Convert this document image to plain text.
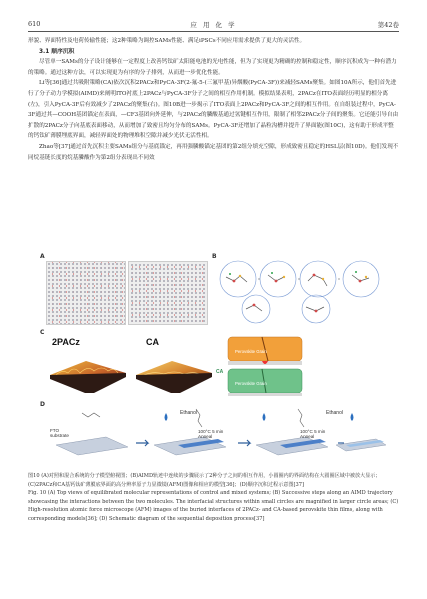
610	应 用 化 学	第42卷

形貌、界面特性及电荷传输性能；这2种策略为调控SAMs性能、满足iPSCs不同应用需求提供了更大的灵活性。

3.1 顺序沉积

尽管单一SAMs的分子设计能够在一定程度上改善钙钛矿太阳能电池的光电性能，但为了实现更为精确的控制和稳定性，顺序沉积成为一种有潜力的策略。通过这种方法，可以实现更为有序的分子排列，从而进一步优化性能。

Li等[36]通过共吸附策略(CA)依次沉积2PACz和PyCA-3F(2-氟-5-(三氟甲基)异烟酸(PyCA-3F))来减轻SAMs聚集。如图10A所示，他们首先进行了分子动力学模拟(AIMD)来阐明ITO衬底上2PACz与PyCA-3F分子之间的相互作用机制。模拟结果表明，2PACz在ITO表面经历明显的相分离(左)，引入PyCA-3F后有效减少了2PACz的聚集(右)。图10B进一步揭示了ITO表面上2PACz和PyCA-3F之间的相互作用。在自组装过程中，PyCA-3F通过其—COOH基团锚定在表面，—CF3基团向外延伸，与2PACz的膦酸基通过氢键相互作用，限制了相邻2PACz分子间的聚集。它还能引导自由扩散的2PACz分子向基底表面移动，从而增加了致密且均匀分布的SAMs。PyCA-3F还增加了晶粒沟槽并提升了界面能(图10C)，这有助于形成平整的钙钛矿薄膜埋底界面，减轻界面处的物理堆积空隙并减少光伏无活性相。

Zhao等[37]通过首先沉积主要SAMs组分与基底锚定，再用强膦酸锚定基团的第2组分填充空隙，形成致密且稳定的HSL层(图10D)。他们发现不同烷基链长度的烷基膦酸作为第2组分表现出不同效

A	B
C
2PACz	CA
Perovskite Grain
Perovskite Grain
CA
D
FTO substrate
Ethanol	Ethanol
100°C 5 min Anneal
100°C 5 min Anneal

图10 (A)对照和混合系统的分子模型俯视图；(B)AIMD轨迹中连续的步骤展示了2种分子之间的相互作用，小圆圈内的界面结构在大圆圈区域中被放大显示；(C)2PACz和CA基钙钛矿薄膜底界面的高分辨率原子力显微镜(AFM)图像和相应的模型[36]；(D)顺序沉积过程示意图[37]

Fig. 10 (A) Top views of equilibrated molecular representations of control and mixed systems; (B) Successive steps along an AIMD trajectory showcasing the interactions between the two molecules. The interfacial structures within small circles are magnified in larger circle areas; (C) High-resolution atomic force microscope (AFM) images of the buried interfaces of 2PACz- and CA-based perovskite thin films, along with corresponding models[36]; (D) Schematic diagram of the sequential deposition process[37]
